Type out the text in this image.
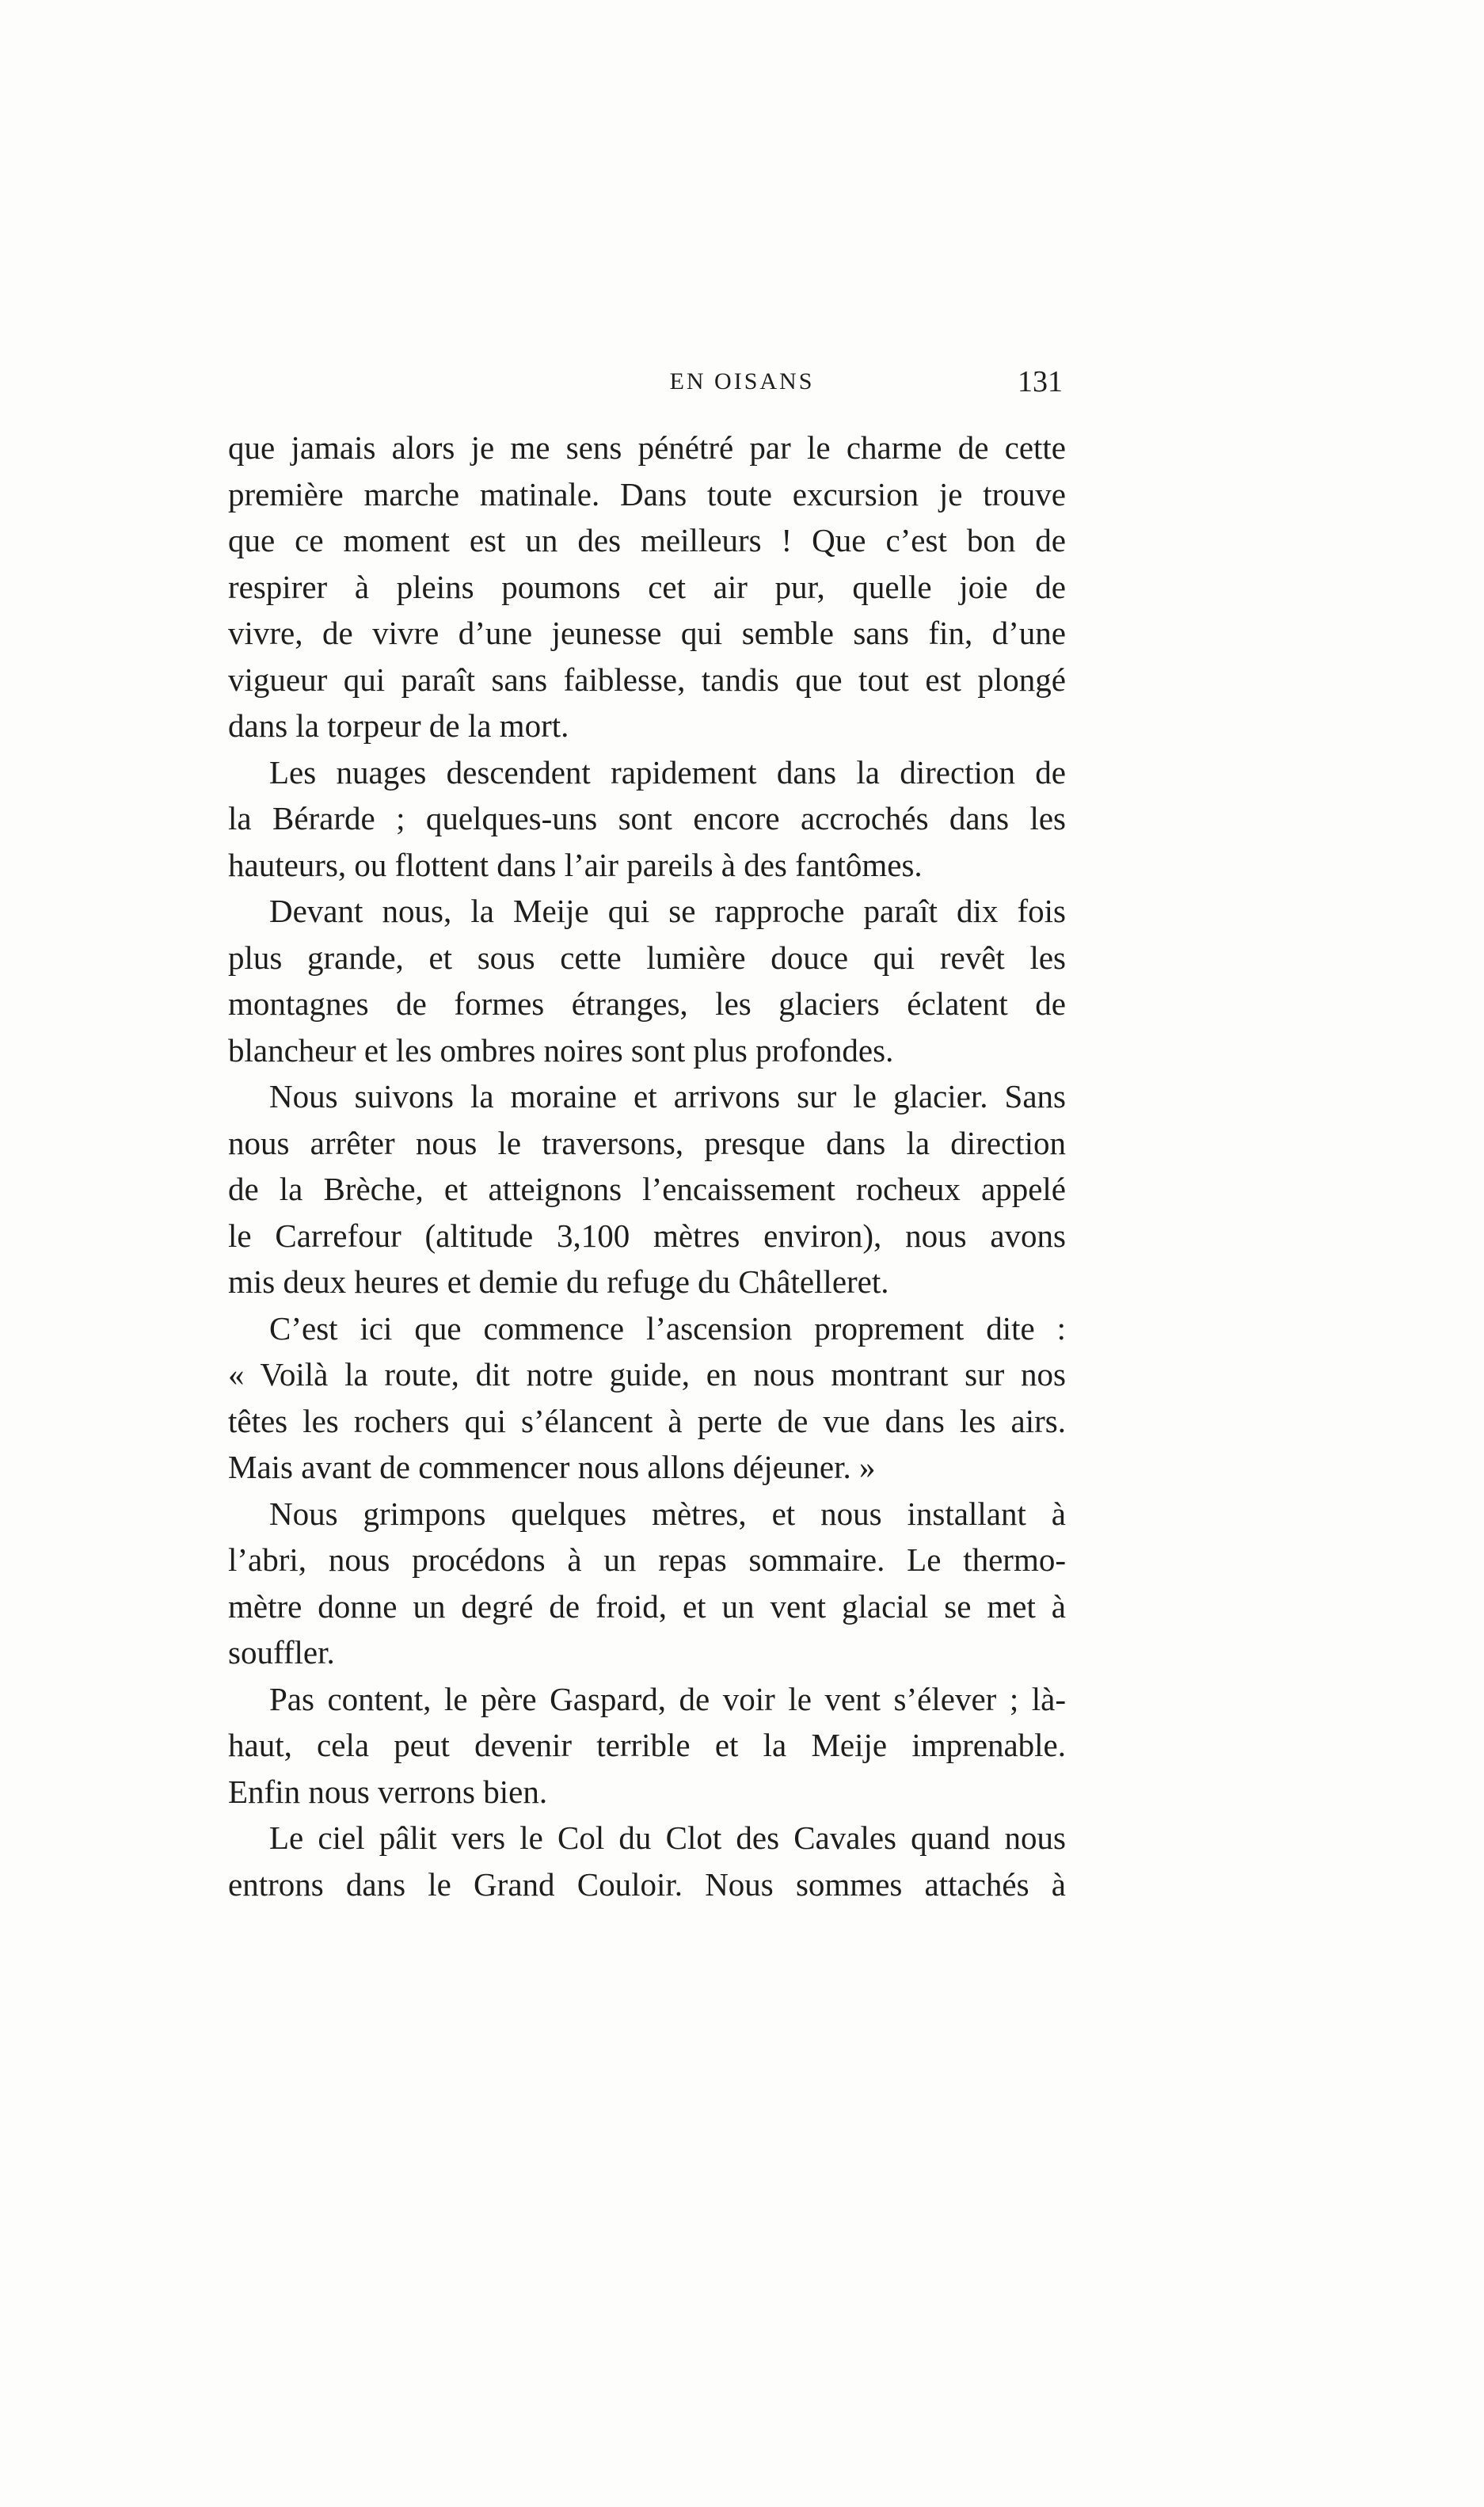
EN OISANS	131
que jamais alors je me sens pénétré par le charme de cette
première marche matinale. Dans toute excursion je trouve
que ce moment est un des meilleurs ! Que c’est bon de
respirer à pleins poumons cet air pur, quelle joie de
vivre, de vivre d’une jeunesse qui semble sans fin, d’une
vigueur qui paraît sans faiblesse, tandis que tout est plongé
dans la torpeur de la mort.
Les nuages descendent rapidement dans la direction de
la Bérarde ; quelques-uns sont encore accrochés dans les
hauteurs, ou flottent dans l’air pareils à des fantômes.
Devant nous, la Meije qui se rapproche paraît dix fois
plus grande, et sous cette lumière douce qui revêt les
montagnes de formes étranges, les glaciers éclatent de
blancheur et les ombres noires sont plus profondes.
Nous suivons la moraine et arrivons sur le glacier. Sans
nous arrêter nous le traversons, presque dans la direction
de la Brèche, et atteignons l’encaissement rocheux appelé
le Carrefour (altitude 3,100 mètres environ), nous avons
mis deux heures et demie du refuge du Châtelleret.
C’est ici que commence l’ascension proprement dite :
« Voilà la route, dit notre guide, en nous montrant sur nos
têtes les rochers qui s’élancent à perte de vue dans les airs.
Mais avant de commencer nous allons déjeuner. »
Nous grimpons quelques mètres, et nous installant à
l’abri, nous procédons à un repas sommaire. Le thermo-
mètre donne un degré de froid, et un vent glacial se met à
souffler.
Pas content, le père Gaspard, de voir le vent s’élever ; là-
haut, cela peut devenir terrible et la Meije imprenable.
Enfin nous verrons bien.
Le ciel pâlit vers le Col du Clot des Cavales quand nous
entrons dans le Grand Couloir. Nous sommes attachés à
